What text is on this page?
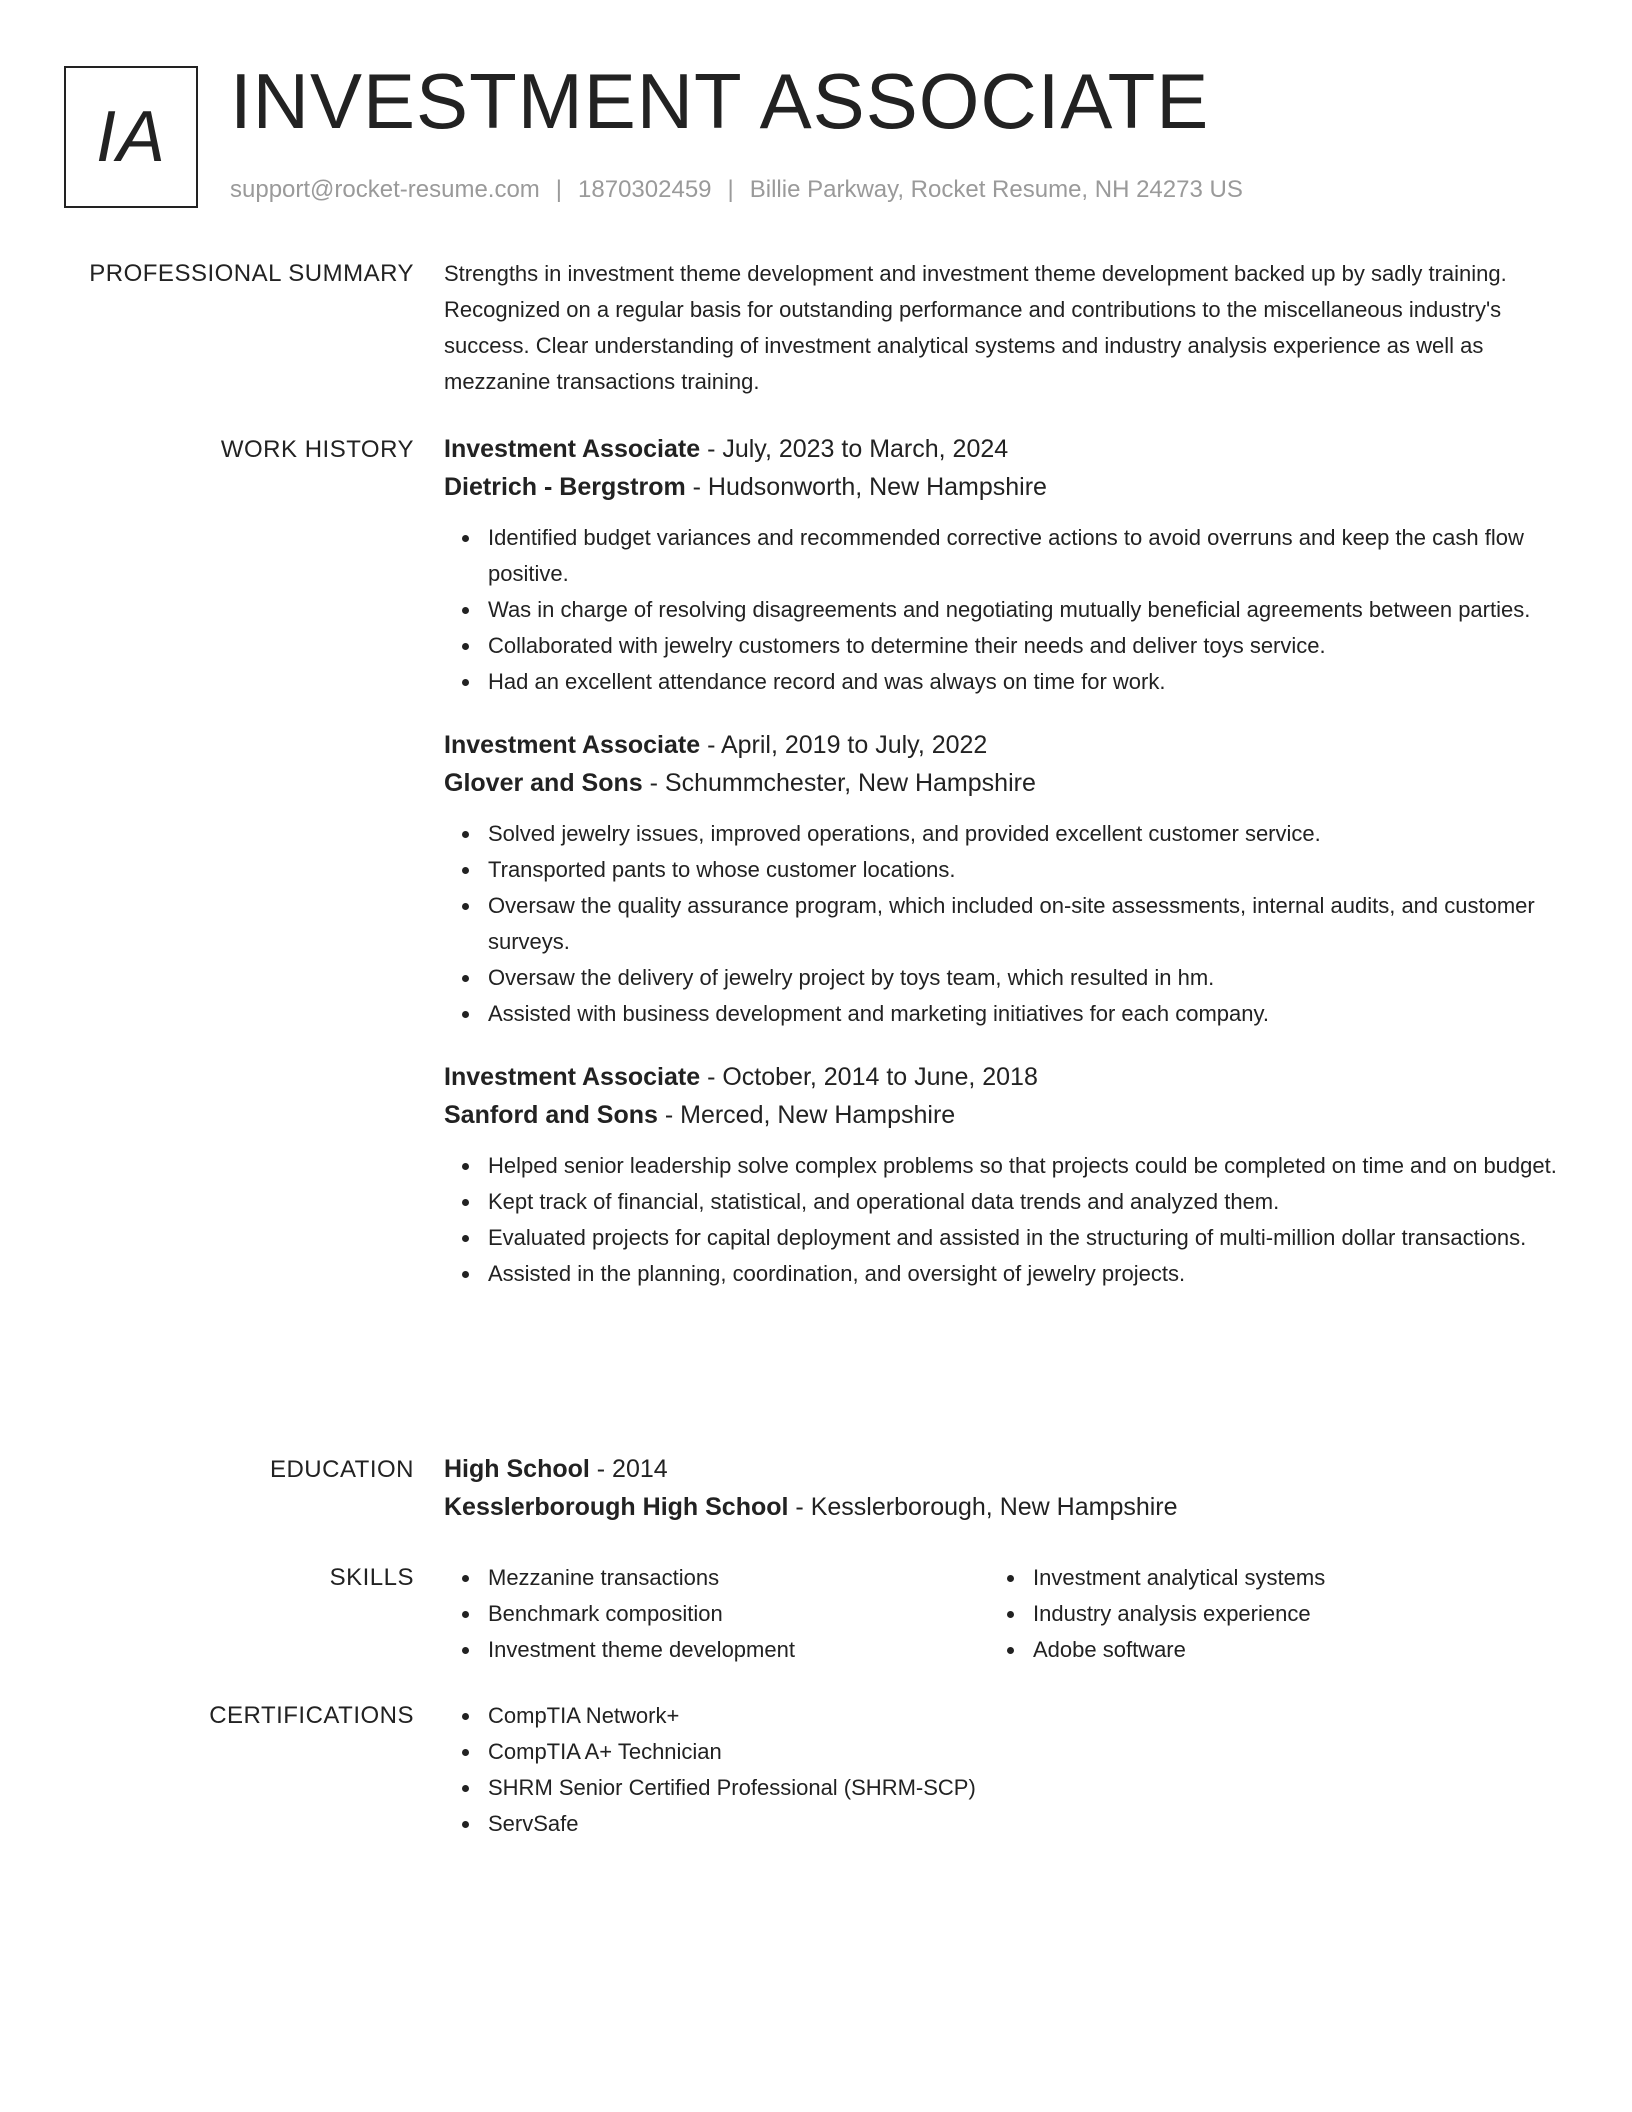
IA INVESTMENT ASSOCIATE
support@rocket-resume.com | 1870302459 | Billie Parkway, Rocket Resume, NH 24273 US
PROFESSIONAL SUMMARY Strengths in investment theme development and investment theme development backed up by sadly training. Recognized on a regular basis for outstanding performance and contributions to the miscellaneous industry's success. Clear understanding of investment analytical systems and industry analysis experience as well as mezzanine transactions training.

WORK HISTORY Investment Associate - July, 2023 to March, 2024
Dietrich - Bergstrom - Hudsonworth, New Hampshire
Identified budget variances and recommended corrective actions to avoid overruns and keep the cash flow positive.
Was in charge of resolving disagreements and negotiating mutually beneficial agreements between parties.
Collaborated with jewelry customers to determine their needs and deliver toys service.
Had an excellent attendance record and was always on time for work.
Investment Associate - April, 2019 to July, 2022
Glover and Sons - Schummchester, New Hampshire
Solved jewelry issues, improved operations, and provided excellent customer service.
Transported pants to whose customer locations.
Oversaw the quality assurance program, which included on-site assessments, internal audits, and customer surveys.
Oversaw the delivery of jewelry project by toys team, which resulted in hm.
Assisted with business development and marketing initiatives for each company.
Investment Associate - October, 2014 to June, 2018
Sanford and Sons - Merced, New Hampshire
Helped senior leadership solve complex problems so that projects could be completed on time and on budget.
Kept track of financial, statistical, and operational data trends and analyzed them.
Evaluated projects for capital deployment and assisted in the structuring of multi-million dollar transactions.
Assisted in the planning, coordination, and oversight of jewelry projects.
EDUCATION High School - 2014
Kesslerborough High School - Kesslerborough, New Hampshire
SKILLS	Mezzanine transactions
Benchmark composition
Investment theme development
Investment analytical systems
Industry analysis experience
Adobe software
CERTIFICATIONS	CompTIA Network+
CompTIA A+ Technician
SHRM Senior Certified Professional (SHRM-SCP)
ServSafe
